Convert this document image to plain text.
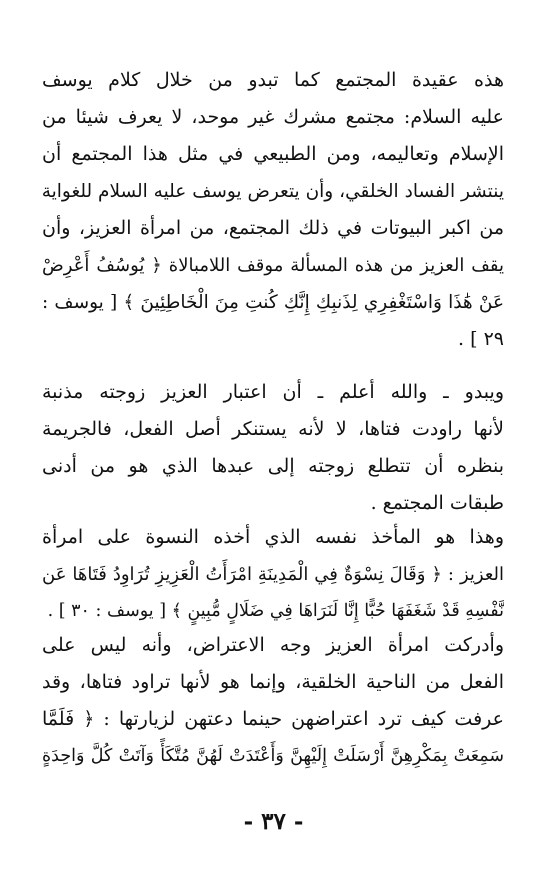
هذه عقيدة المجتمع كما تبدو من خلال كلام يوسف
عليه السلام: مجتمع مشرك غير موحد، لا يعرف شيئا من
الإسلام وتعاليمه، ومن الطبيعي في مثل هذا المجتمع أن
ينتشر الفساد الخلقي، وأن يتعرض يوسف عليه السلام للغواية
من اكبر البيوتات في ذلك المجتمع، من امرأة العزيز، وأن
يقف العزيز من هذه المسألة موقف اللامبالاة ﴿ يُوسُفُ أَعْرِضْ
عَنْ هَٰذَا وَاسْتَغْفِرِي لِذَنبِكِ إِنَّكِ كُنتِ مِنَ الْخَاطِئِينَ ﴾ [ يوسف :
٢٩ ] .
ويبدو ـ والله أعلم ـ أن اعتبار العزيز زوجته مذنبة
لأنها راودت فتاها، لا لأنه يستنكر أصل الفعل، فالجريمة
بنظره أن تتطلع زوجته إلى عبدها الذي هو من أدنى
طبقات المجتمع .
وهذا هو المأخذ نفسه الذي أخذه النسوة على امرأة
العزيز : ﴿ وَقَالَ نِسْوَةٌ فِي الْمَدِينَةِ امْرَأَتُ الْعَزِيزِ تُرَاوِدُ فَتَاهَا عَن
نَّفْسِهِ قَدْ شَغَفَهَا حُبًّا إِنَّا لَنَرَاهَا فِي ضَلَالٍ مُّبِينٍ ﴾ [ يوسف : ٣٠ ] .
وأدركت امرأة العزيز وجه الاعتراض، وأنه ليس على
الفعل من الناحية الخلقية، وإنما هو لأنها تراود فتاها، وقد
عرفت كيف ترد اعتراضهن حينما دعتهن لزيارتها : ﴿ فَلَمَّا
سَمِعَتْ بِمَكْرِهِنَّ أَرْسَلَتْ إِلَيْهِنَّ وَأَعْتَدَتْ لَهُنَّ مُتَّكَأً وَآتَتْ كُلَّ وَاحِدَةٍ
- ٣٧ -
